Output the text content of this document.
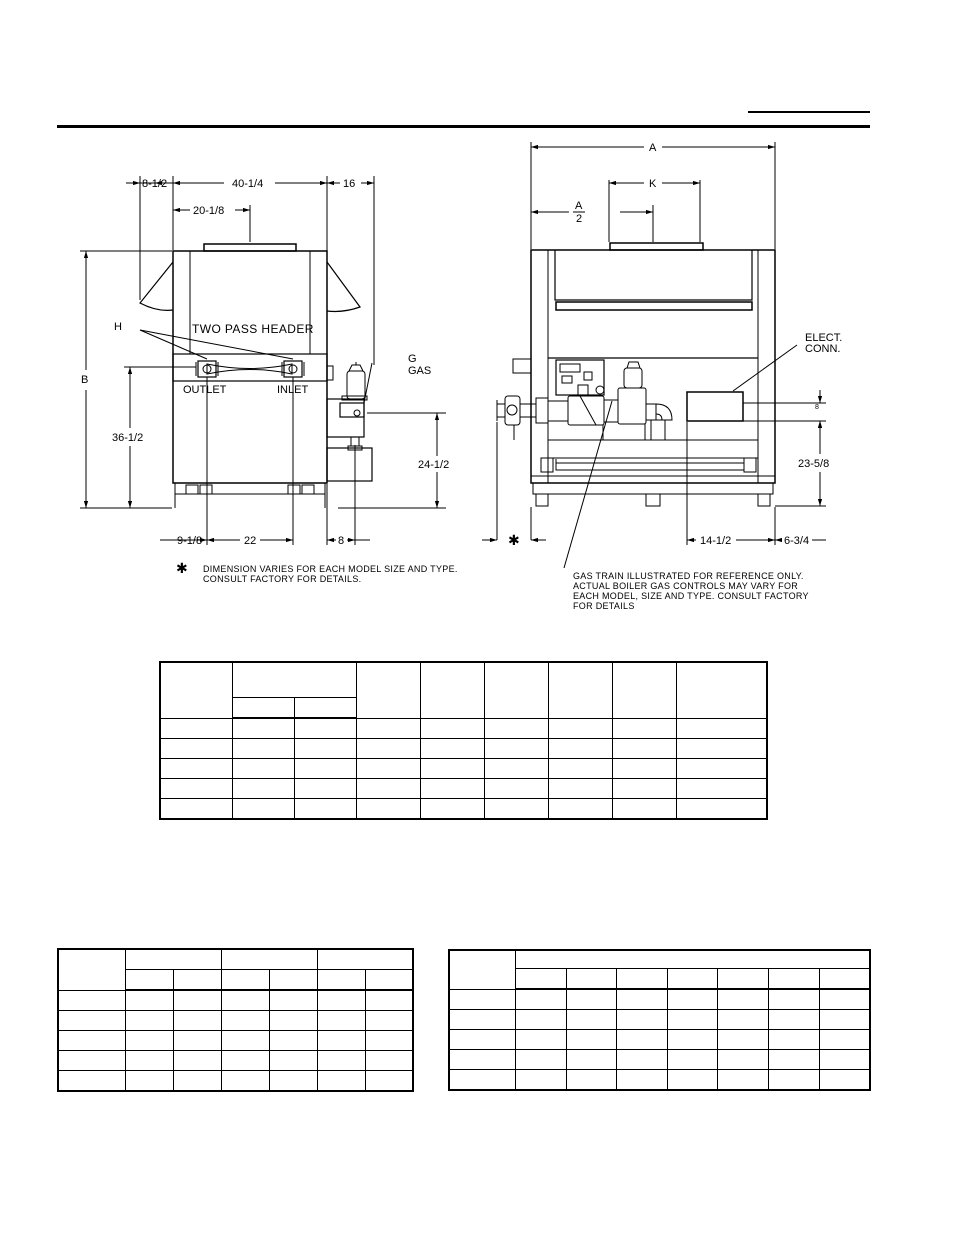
8-1/2	40-1/4	16
20-1/8
B
36-1/2
24-1/2
9-1/8	22	8
TWO PASS HEADER
H
OUTLET	INLET
G
GAS
A
K
A
2
8
23-5/8
14-1/2	6-3/4
✱
ELECT.
CONN.
✱ DIMENSION VARIES FOR EACH MODEL SIZE AND TYPE.
CONSULT FACTORY FOR DETAILS.	GAS TRAIN ILLUSTRATED FOR REFERENCE ONLY.
ACTUAL BOILER GAS CONTROLS MAY VARY FOR
EACH MODEL, SIZE AND TYPE. CONSULT FACTORY
FOR DETAILS
